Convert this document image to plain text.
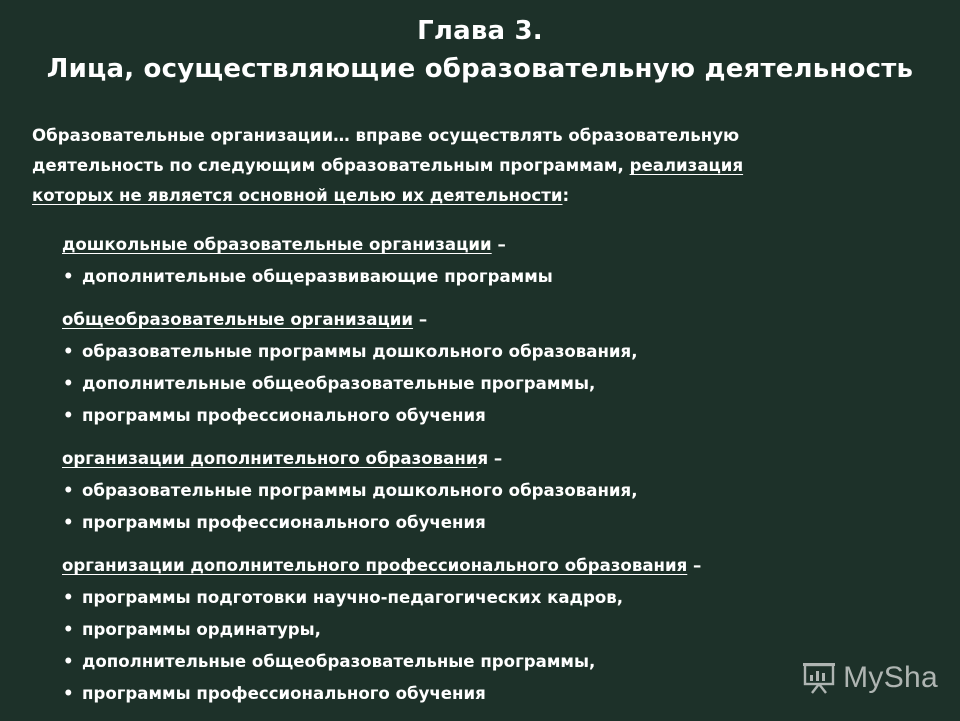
Глава 3.
Лица, осуществляющие образовательную деятельность
Образовательные организации… вправе осуществлять образовательную
деятельность по следующим образовательным программам, реализация
которых не является основной целью их деятельности:
дошкольные образовательные организации –
• дополнительные общеразвивающие программы
общеобразовательные организации –
• образовательные программы дошкольного образования,
• дополнительные общеобразовательные программы,
• программы профессионального обучения
организации дополнительного образования –
• образовательные программы дошкольного образования,
• программы профессионального обучения
организации дополнительного профессионального образования –
• программы подготовки научно-педагогических кадров,
• программы ординатуры,
• дополнительные общеобразовательные программы,
• программы профессионального обучения	MySha
